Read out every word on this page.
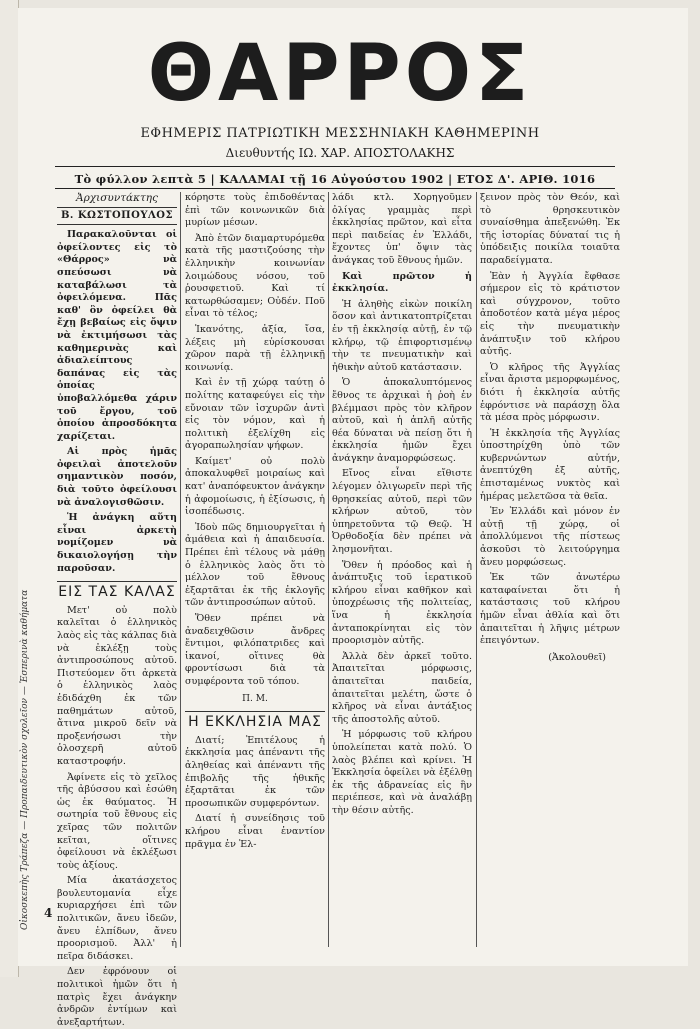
ΘΑΡΡΟΣ
ΕΦΗΜΕΡΙΣ ΠΑΤΡΙΩΤΙΚΗ ΜΕΣΣΗΝΙΑΚΗ ΚΑΘΗΜΕΡΙΝΗ
Διευθυντής ΙΩ. ΧΑΡ. ΑΠΟΣΤΟΛΑΚΗΣ
Τὸ φύλλον λεπτὰ 5 | ΚΑΛΑΜΑΙ τῇ 16 Αὐγούστου 1902 | ΕΤΟΣ Δ'. ΑΡΙΘ. 1016
Ἀρχισυντάκτης
Β. ΚΩΣΤΟΠΟΥΛΟΣ

Παρακαλοῦνται οἱ ὀφείλοντες εἰς τὸ «Θάρρος» νὰ σπεύσωσι νὰ καταβάλωσι τὰ ὀφειλόμενα. Πᾶς καθ' ὃν ὀφείλει θὰ ἔχῃ βεβαίως εἰς ὄψιν νὰ ἐκτιμήσωσι τὰς καθημερινὰς καὶ ἀδιαλείπτους δαπάνας εἰς τὰς ὁποίας ὑποβαλλόμεθα χάριν τοῦ ἔργου, τοῦ ὁποίου ἀπροσδόκητα χαρίζεται.

Αἱ πρὸς ἡμᾶς ὀφειλαὶ ἀποτελοῦν σημαντικὸν ποσόν, διὰ τοῦτο ὀφείλουσι νὰ ἀναλογισθῶσιν.

Ἡ ἀνάγκη αὕτη εἶναι ἀρκετὴ νομίζομεν νὰ δικαιολογήσῃ τὴν παροῦσαν.

ΕΙΣ ΤΑΣ ΚΑΛΑΣ

Μετ' οὐ πολὺ καλεῖται ὁ ἑλληνικὸς λαὸς εἰς τὰς κάλπας διὰ νὰ ἐκλέξῃ τοὺς ἀντιπροσώπους αὐτοῦ. Πιστεύομεν ὅτι ἀρκετὰ ὁ ἑλληνικὸς λαὸς ἐδιδάχθη ἐκ τῶν παθημάτων αὐτοῦ, ἄτινα μικροῦ δεῖν νὰ προξενήσωσι τὴν ὁλοσχερῆ αὐτοῦ καταστροφήν.

Ἀφίνετε εἰς τὸ χεῖλος τῆς ἀβύσσου καὶ ἐσώθη ὡς ἐκ θαύματος. Ἡ σωτηρία τοῦ ἔθνους εἰς χεῖρας τῶν πολιτῶν κεῖται, οἵτινες ὀφείλουσι νὰ ἐκλέξωσι τοὺς ἀξίους.

Μία ἀκατάσχετος βουλευτομανία εἶχε κυριαρχήσει ἐπὶ τῶν πολιτικῶν, ἄνευ ἰδεῶν, ἄνευ ἐλπίδων, ἄνευ προορισμοῦ. Ἀλλ' ἡ πεῖρα διδάσκει.

Δεν ἐφρόνουν οἱ πολιτικοὶ ἡμῶν ὅτι ἡ πατρὶς ἔχει ἀνάγκην ἀνδρῶν ἐντίμων καὶ ἀνεξαρτήτων.

κόρηστε τοὺς ἐπιδοθέντας ἐπὶ τῶν κοινωνικῶν διὰ μυρίων μέσων.

Ἀπὸ ἐτῶν διαμαρτυρόμεθα κατὰ τῆς μαστιζούσης τὴν ἑλληνικὴν κοινωνίαν λοιμώδους νόσου, τοῦ ῥουσφετιοῦ. Καὶ τί κατωρθώσαμεν; Οὐδέν. Ποῦ εἶναι τὸ τέλος;

Ἱκανότης, ἀξία, ἴσα, λέξεις μὴ εὑρίσκουσαι χῶρον παρὰ τῇ ἑλληνικῇ κοινωνίᾳ.

Καὶ ἐν τῇ χώρᾳ ταύτῃ ὁ πολίτης καταφεύγει εἰς τὴν εὔνοιαν τῶν ἰσχυρῶν ἀντὶ εἰς τὸν νόμον, καὶ ἡ πολιτικὴ ἐξελίχθη εἰς ἀγοραπωλησίαν ψήφων.

Καίμετ' οὐ πολὺ ἀποκαλυφθεῖ μοιραίως καὶ κατ' ἀναπόφευκτον ἀνάγκην ἡ ἀφομοίωσις, ἡ ἐξίσωσις, ἡ ἰσοπέδωσις.

Ἰδοὺ πῶς δημιουργεῖται ἡ ἀμάθεια καὶ ἡ ἀπαιδευσία. Πρέπει ἐπὶ τέλους νὰ μάθῃ ὁ ἑλληνικὸς λαὸς ὅτι τὸ μέλλον τοῦ ἔθνους ἐξαρτᾶται ἐκ τῆς ἐκλογῆς τῶν ἀντιπροσώπων αὐτοῦ.

Ὅθεν πρέπει νὰ ἀναδειχθῶσιν ἄνδρες ἔντιμοι, φιλόπατριδες καὶ ἱκανοί, οἵτινες θὰ φροντίσωσι διὰ τὰ συμφέροντα τοῦ τόπου.

Π. Μ.
Η ΕΚΚΛΗΣΙΑ ΜΑΣ

Διατί; Ἐπιτέλους ἡ ἐκκλησία μας ἀπέναντι τῆς ἀληθείας καὶ ἀπέναντι τῆς ἐπιβολῆς τῆς ἠθικῆς ἐξαρτᾶται ἐκ τῶν προσωπικῶν συμφερόντων.

Διατί ἡ συνείδησις τοῦ κλήρου εἶναι ἐναντίον πρᾶγμα ἐν Ἐλ-

λάδι κτλ. Χορηγοῦμεν ὀλίγας γραμμὰς περὶ ἐκκλησίας πρῶτον, καὶ εἶτα περὶ παιδείας ἐν Ἑλλάδι, ἔχοντες ὑπ' ὄψιν τὰς ἀνάγκας τοῦ ἔθνους ἡμῶν.

Καὶ πρῶτον ἡ ἐκκλησία.

Ἡ ἀληθὴς εἰκὼν ποικίλη ὅσον καὶ ἀντικατοπτρίζεται ἐν τῇ ἐκκλησίᾳ αὐτῇ, ἐν τῷ κλήρῳ, τῷ ἐπιφορτισμένῳ τὴν τε πνευματικὴν καὶ ἠθικὴν αὐτοῦ κατάστασιν.

Ὁ ἀποκαλυπτόμενος ἔθνος τε ἀρχικαὶ ἡ ῥοὴ ἐν βλέμμασι πρὸς τὸν κλῆρον αὐτοῦ, καὶ ἡ ἁπλῆ αὐτῆς θέα δύναται νὰ πείσῃ ὅτι ἡ ἐκκλησία ἡμῶν ἔχει ἀνάγκην ἀναμορφώσεως.

Εἴνος εἶναι εἴθιστε λέγομεν ὀλιγωρεῖν περὶ τῆς θρησκείας αὐτοῦ, περὶ τῶν κλήρων αὐτοῦ, τὸν ὑπηρετοῦντα τῷ Θεῷ. Ἡ Ὀρθοδοξία δὲν πρέπει νὰ λησμονῆται.

Ὅθεν ἡ πρόοδος καὶ ἡ ἀνάπτυξις τοῦ ἱερατικοῦ κλήρου εἶναι καθῆκον καὶ ὑποχρέωσις τῆς πολιτείας, ἵνα ἡ ἐκκλησία ἀνταποκρίνηται εἰς τὸν προορισμὸν αὐτῆς.

Ἀλλὰ δὲν ἀρκεῖ τοῦτο. Ἀπαιτεῖται μόρφωσις, ἀπαιτεῖται παιδεία, ἀπαιτεῖται μελέτη, ὥστε ὁ κλῆρος νὰ εἶναι ἀντάξιος τῆς ἀποστολῆς αὐτοῦ.

Ἡ μόρφωσις τοῦ κλήρου ὑπολείπεται κατὰ πολύ. Ὁ λαὸς βλέπει καὶ κρίνει. Ἡ Ἐκκλησία ὀφείλει νὰ ἐξέλθῃ ἐκ τῆς ἀδρανείας εἰς ἣν περιέπεσε, καὶ νὰ ἀναλάβῃ τὴν θέσιν αὐτῆς.

ξεινον πρὸς τὸν Θεόν, καὶ τὸ θρησκευτικὸν συναίσθημα ἀπεξενώθη. Ἐκ τῆς ἱστορίας δύναταί τις ἡ ὑπόδειξις ποικίλα τοιαῦτα παραδείγματα.

Ἐὰν ἡ Ἀγγλία ἔφθασε σήμερον εἰς τὸ κράτιστον καὶ σύγχρονον, τοῦτο ἀποδοτέον κατὰ μέγα μέρος εἰς τὴν πνευματικὴν ἀνάπτυξιν τοῦ κλήρου αὐτῆς.

Ὁ κλῆρος τῆς Ἀγγλίας εἶναι ἄριστα μεμορφωμένος, διότι ἡ ἐκκλησία αὐτῆς ἐφρόντισε νὰ παράσχῃ ὅλα τὰ μέσα πρὸς μόρφωσιν.

Ἡ ἐκκλησία τῆς Ἀγγλίας ὑποστηρίχθη ὑπὸ τῶν κυβερνώντων αὐτήν, ἀνεπτύχθη ἐξ αὐτῆς, ἐπισταμένως νυκτὸς καὶ ἡμέρας μελετῶσα τὰ θεῖα.

Ἐν Ἑλλάδι καὶ μόνον ἐν αὐτῇ τῇ χώρᾳ, οἱ ἀπολλύμενοι τῆς πίστεως ἀσκοῦσι τὸ λειτούργημα ἄνευ μορφώσεως.

Ἐκ τῶν ἀνωτέρω καταφαίνεται ὅτι ἡ κατάστασις τοῦ κλήρου ἡμῶν εἶναι ἀθλία καὶ ὅτι ἀπαιτεῖται ἡ λῆψις μέτρων ἐπειγόντων.

(Ἀκολουθεῖ)
Οἰκοσκεπὴς Τράπεζα — Προπαιδευτικὸν σχολεῖον — Ἐσπερινὰ καθήματα 4
